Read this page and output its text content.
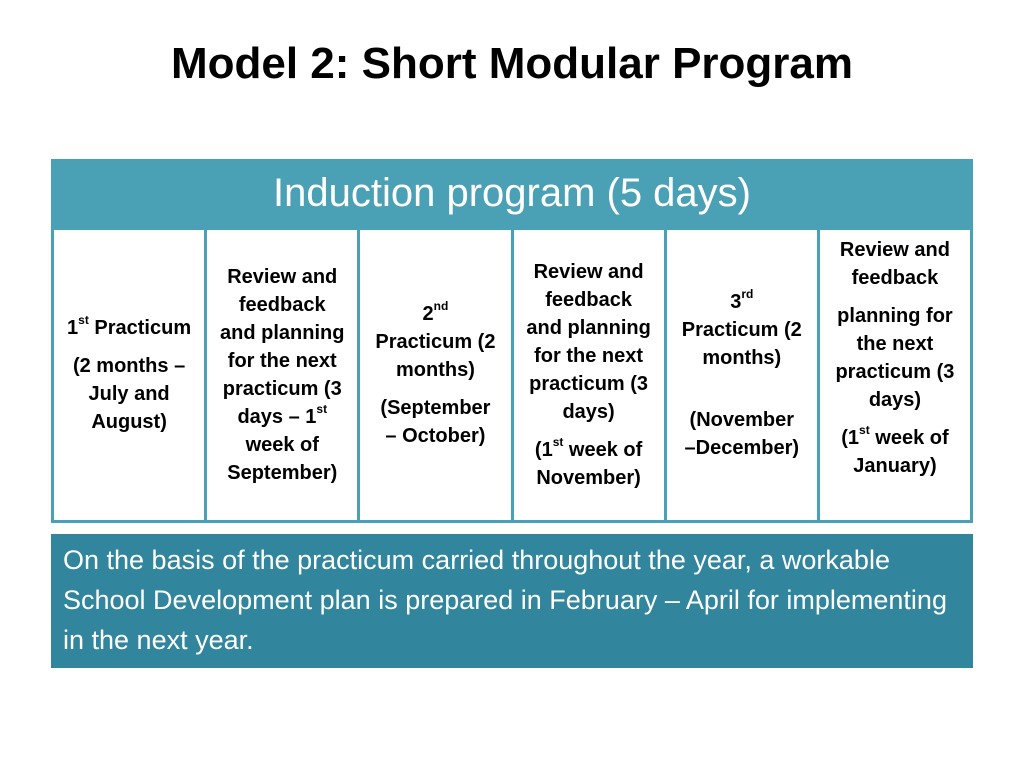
Model 2: Short Modular Program
Induction program (5 days)
1st Practicum
(2 months –
July and
August)
Review and
feedback
and planning
for the next
practicum (3
days – 1st
week of
September)
2nd
Practicum (2
months)
(September
– October)
Review and
feedback
and planning
for the next
practicum (3
days)
(1st week of
November)
3rd
Practicum (2
months)
(November
–December)
Review and
feedback
planning for
the next
practicum (3
days)
(1st week of
January)
On the basis of the practicum carried throughout the year, a workable School Development plan is prepared in February – April for implementing in the next year.
